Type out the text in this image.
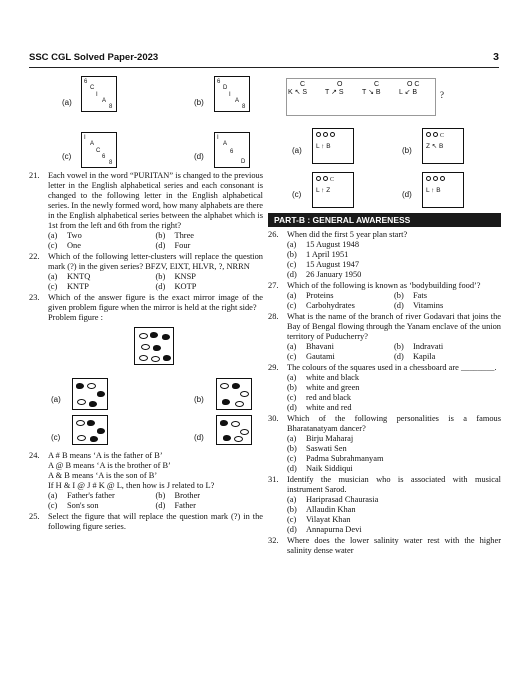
SSC CGL Solved Paper-2023	3
(a)
6
C
I
A
8	(b)
6
D
I
A
8
(c)
I
A
C
6
8
(d)
I
A
6
D
21.	Each vowel in the word “PURITAN” is changed to the previous letter in the English alphabetical series and each consonant is changed to the following letter in the English alphabetical series. In the newly formed word, how many alphabets are there in the English alphabetical series between the alphabet which is 1st from the left and 6th from the right?
(a)	Two	(b)	Three
(c)	One	(d)	Four
22.	Which of the following letter-clusters will replace the question mark (?) in the given series? BFZV, EIXT, HLVR, ?, NRRN
(a)	KNTQ	(b)	KNSP
(c)	KNTP	(d)	KOTP
23.	Which of the answer figure is the exact mirror image of the given problem figure when the mirror is held at the right side?
Problem figure :
(a)	(b)
(c)	(d)
24.	A # B means ‘A is the father of B’
A @ B means ‘A is the brother of B’
A & B means ‘A is the son of B’
If H & I @ J # K @ L, then how is J related to L?
(a)	Father's father	(b)	Brother
(c)	Son's son	(d)	Father
25.	Select the figure that will replace the question mark (?) in the following figure series.
C
K ↖ S
O
T ↗ S
C
T ↘ B
O C
L ↙ B	?
(a) L ↑ B	(b)
C
Z ↖ B
(c)
C
L ↑ Z	(d) L ↑ B
PART-B : GENERAL AWARENESS
26.	When did the first 5 year plan start?
(a)	15 August 1948
(b)	1 April 1951
(c)	15 August 1947
(d)	26 January 1950
27.	Which of the following is known as ‘bodybuilding food’?
(a)	Proteins	(b)	Fats
(c)	Carbohydrates	(d)	Vitamins
28.	What is the name of the branch of river Godavari that joins the Bay of Bengal flowing through the Yanam enclave of the union territory of Puducherry?
(a)	Bhavani	(b)	Indravati
(c)	Gautami	(d)	Kapila
29.	The colours of the squares used in a chessboard are ________.
(a)	white and black
(b)	white and green
(c)	red and black
(d)	white and red
30.	Which of the following personalities is a famous Bharatanatyam dancer?
(a)	Birju Maharaj
(b)	Saswati Sen
(c)	Padma Subrahmanyam
(d)	Naik Siddiqui
31.	Identify the musician who is associated with musical instrument Sarod.
(a)	Hariprasad Chaurasia
(b)	Allaudin Khan
(c)	Vilayat Khan
(d)	Annapurna Devi
32.	Where does the lower salinity water rest with the higher salinity dense water
